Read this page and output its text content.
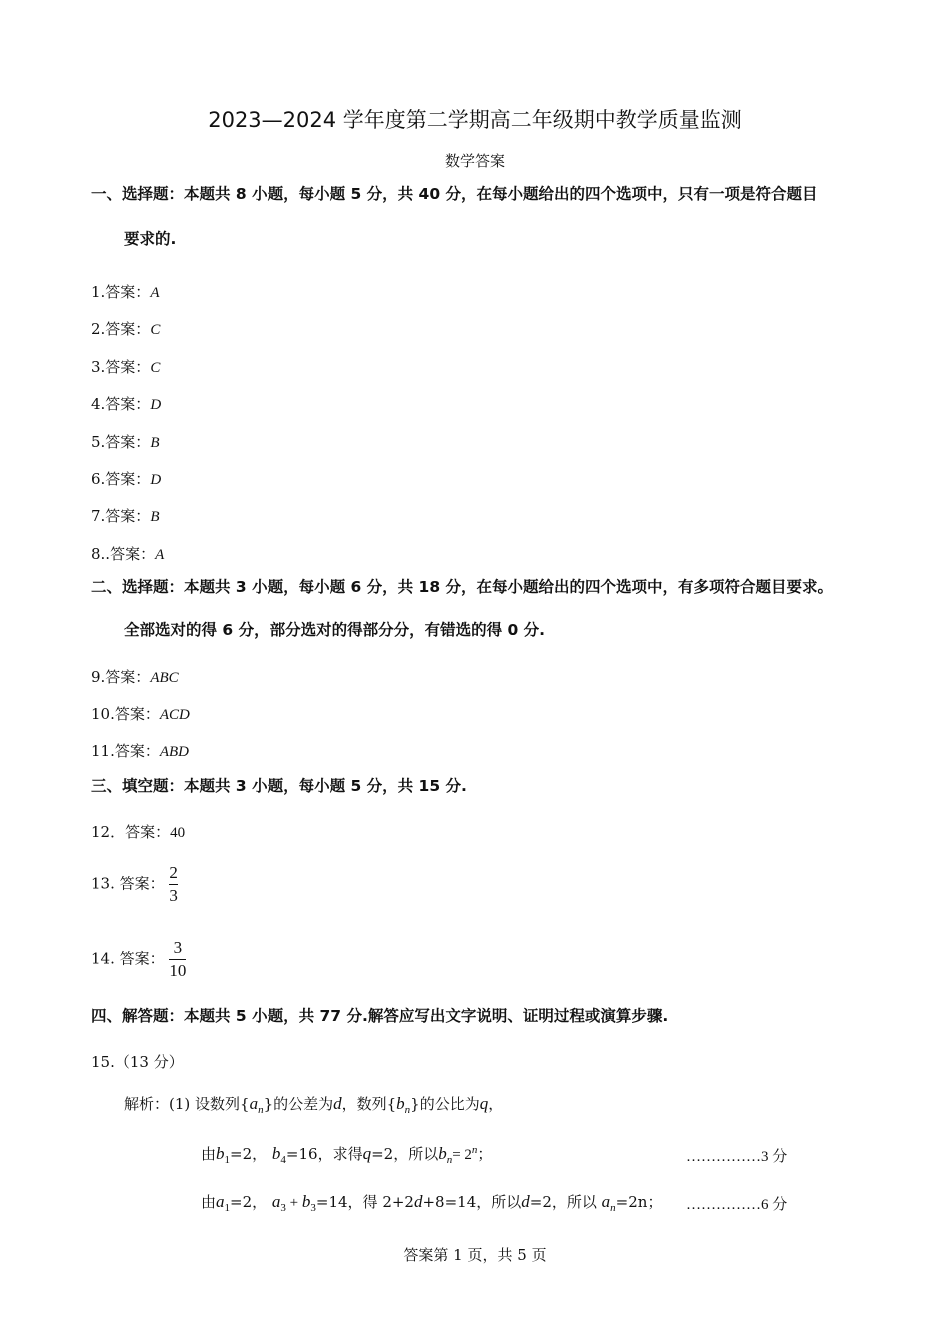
2023—2024 学年度第二学期高二年级期中教学质量监测
数学答案
一、选择题：本题共 8 小题，每小题 5 分，共 40 分，在每小题给出的四个选项中，只有一项是符合题目
要求的.
1.答案：A
2.答案：C
3.答案：C
4.答案：D
5.答案：B
6.答案：D
7.答案：B
8..答案：A
二、选择题：本题共 3 小题，每小题 6 分，共 18 分，在每小题给出的四个选项中，有多项符合题目要求。
全部选对的得 6 分，部分选对的得部分分，有错选的得 0 分.
9.答案：ABC
10.答案：ACD
11.答案：ABD
三、填空题：本题共 3 小题，每小题 5 分，共 15 分.
12．答案：40
13. 答案： $\frac{2}{3}$
14. 答案： $\frac{3}{10}$
四、解答题：本题共 5 小题，共 77 分.解答应写出文字说明、证明过程或演算步骤.
15.（13 分）
解析：(1) 设数列$\{a_n\}$的公差为d，数列$\{b_n\}$的公比为q，
由$b_1=2$， $b_4=16$，求得q=2，所以$b_n= 2^n$；	……………3 分
由$a_1=2$， $a_3 + b_3=14$，得 2+2d+8=14，所以d=2，所以 $a_n=2n$； ……………6 分
答案第 1 页，共 5 页
